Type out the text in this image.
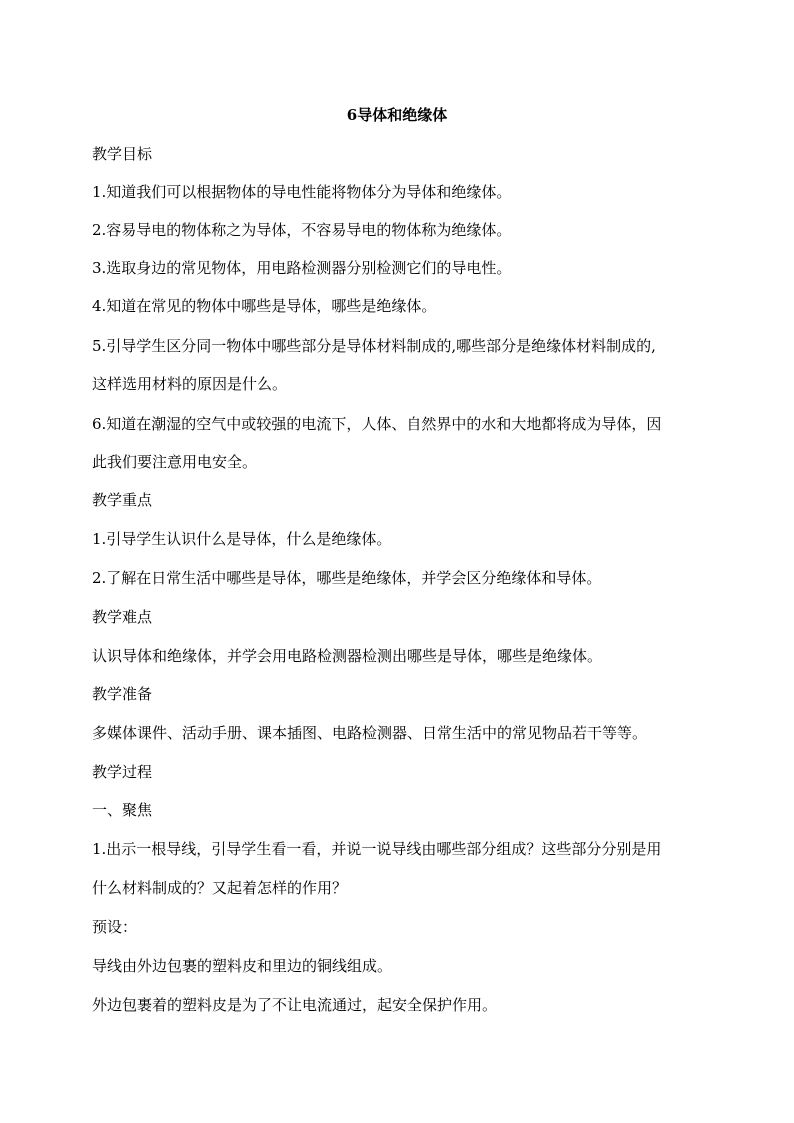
6导体和绝缘体

教学目标

1.知道我们可以根据物体的导电性能将物体分为导体和绝缘体。

2.容易导电的物体称之为导体，不容易导电的物体称为绝缘体。

3.选取身边的常见物体，用电路检测器分别检测它们的导电性。

4.知道在常见的物体中哪些是导体，哪些是绝缘体。

5.引导学生区分同一物体中哪些部分是导体材料制成的,哪些部分是绝缘体材料制成的,

这样选用材料的原因是什么。

6.知道在潮湿的空气中或较强的电流下，人体、自然界中的水和大地都将成为导体，因

此我们要注意用电安全。

教学重点

1.引导学生认识什么是导体，什么是绝缘体。

2.了解在日常生活中哪些是导体，哪些是绝缘体，并学会区分绝缘体和导体。

教学难点

认识导体和绝缘体，并学会用电路检测器检测出哪些是导体，哪些是绝缘体。

教学准备

多媒体课件、活动手册、课本插图、电路检测器、日常生活中的常见物品若干等等。

教学过程

一、聚焦

1.出示一根导线，引导学生看一看，并说一说导线由哪些部分组成？这些部分分别是用

什么材料制成的？又起着怎样的作用？

预设：

导线由外边包裹的塑料皮和里边的铜线组成。

外边包裹着的塑料皮是为了不让电流通过，起安全保护作用。
